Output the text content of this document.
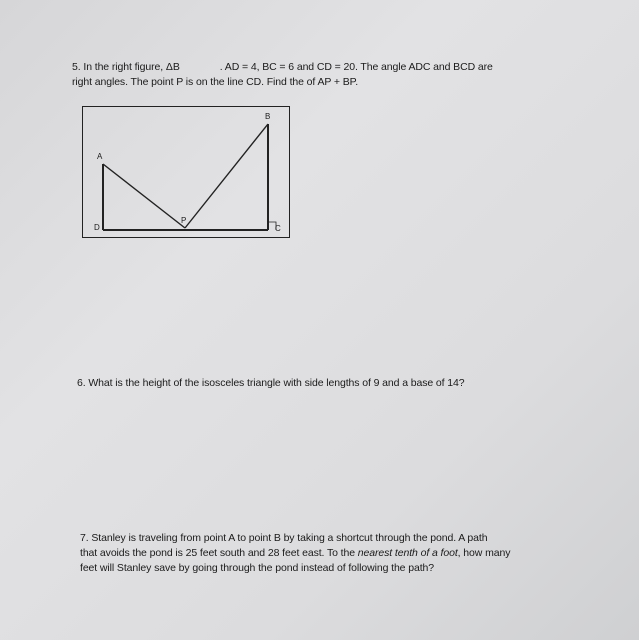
5. In the right figure, ΔB	. AD = 4, BC = 6 and CD = 20. The angle ADC and BCD are
right angles. The point P is on the line CD. Find the of AP + BP.
B
A
D
P
C
6. What is the height of the isosceles triangle with side lengths of 9 and a base of 14?
7. Stanley is traveling from point A to point B by taking a shortcut through the pond. A path
that avoids the pond is 25 feet south and 28 feet east. To the nearest tenth of a foot, how many
feet will Stanley save by going through the pond instead of following the path?
